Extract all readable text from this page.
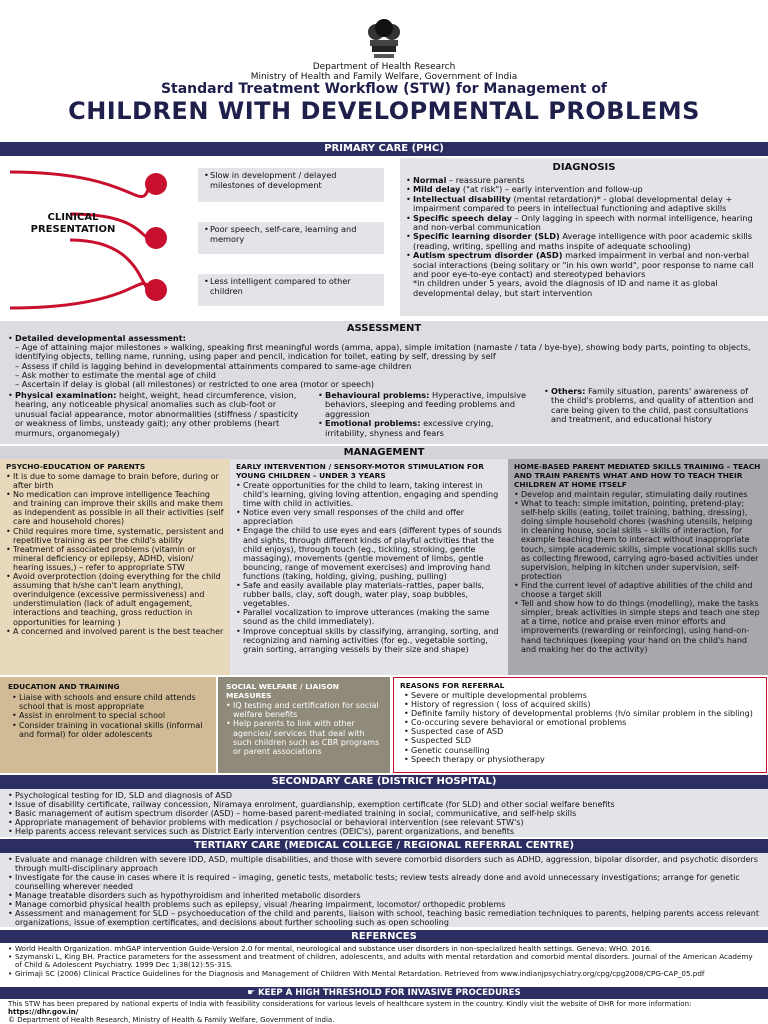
Department of Health Research
Ministry of Health and Family Welfare, Government of India
Standard Treatment Workflow (STW) for Management of
CHILDREN WITH DEVELOPMENTAL PROBLEMS
PRIMARY CARE (PHC)
CLINICAL
PRESENTATION
• Slow in development / delayed milestones of development
• Poor speech, self-care, learning and memory
• Less intelligent compared to other children
DIAGNOSIS
• Normal – reassure parents
• Mild delay ("at risk") – early intervention and follow-up
• Intellectual disability (mental retardation)* - global developmental delay + impairment compared to peers in intellectual functioning and adaptive skills
• Specific speech delay – Only lagging in speech with normal intelligence, hearing and non-verbal communication
• Specific learning disorder (SLD) Average intelligence with poor academic skills (reading, writing, spelling and maths inspite of adequate schooling)
• Autism spectrum disorder (ASD) marked impairment in verbal and non-verbal social interactions (being solitary or "in his own world", poor response to name call and poor eye-to-eye contact) and stereotyped behaviors
*in children under 5 years, avoid the diagnosis of ID and name it as global developmental delay, but start intervention
ASSESSMENT
• Detailed developmental assessment:
– Age of attaining major milestones » walking, speaking first meaningful words (amma, appa), simple imitation (namaste / tata / bye-bye), showing body parts, pointing to objects, identifying objects, telling name, running, using paper and pencil, indication for toilet, eating by self, dressing by self
– Assess if child is lagging behind in developmental attainments compared to same-age children
– Ask mother to estimate the mental age of child
– Ascertain if delay is global (all milestones) or restricted to one area (motor or speech)
• Physical examination: height, weight, head circumference, vision, hearing, any noticeable physical anomalies such as club-foot or unusual facial appearance, motor abnormalities (stiffness / spasticity or weakness of limbs, unsteady gait); any other problems (heart murmurs, organomegaly)
• Behavioural problems: Hyperactive, impulsive behaviors, sleeping and feeding problems and aggression
• Emotional problems: excessive crying, irritability, shyness and fears
• Others: Family situation, parents' awareness of the child's problems, and quality of attention and care being given to the child, past consultations and treatment, and educational history
MANAGEMENT
PSYCHO-EDUCATION OF PARENTS
• It is due to some damage to brain before, during or after birth
• No medication can improve intelligence Teaching and training can improve their skills and make them as independent as possible in all their activities (self care and household chores)
• Child requires more time, systematic, persistent and repetitive training as per the child's ability
• Treatment of associated problems (vitamin or mineral deficiency or epilepsy, ADHD, vision/ hearing issues,) – refer to appropriate STW
• Avoid overprotection (doing everything for the child assuming that h/she can't learn anything), overindulgence (excessive permissiveness) and understimulation (lack of adult engagement, interactions and teaching, gross reduction in opportunities for learning )
• A concerned and involved parent is the best teacher
EARLY INTERVENTION / SENSORY-MOTOR STIMULATION FOR YOUNG CHILDREN – UNDER 3 YEARS
• Create opportunities for the child to learn, taking interest in child's learning, giving loving attention, engaging and spending time with child in activities.
• Notice even very small responses of the child and offer appreciation
• Engage the child to use eyes and ears (different types of sounds and sights, through different kinds of playful activities that the child enjoys), through touch (eg., tickling, stroking, gentle massaging), movements (gentle movement of limbs, gentle bouncing, range of movement exercises) and improving hand functions (taking, holding, giving, pushing, pulling)
• Safe and easily available play materials–rattles, paper balls, rubber balls, clay, soft dough, water play, soap bubbles, vegetables.
• Parallel vocalization to improve utterances (making the same sound as the child immediately).
• Improve conceptual skills by classifying, arranging, sorting, and recognizing and naming activities (for eg., vegetable sorting, grain sorting, arranging vessels by their size and shape)
HOME-BASED PARENT MEDIATED SKILLS TRAINING – TEACH AND TRAIN PARENTS WHAT AND HOW TO TEACH THEIR CHILDREN AT HOME ITSELF
• Develop and maintain regular, stimulating daily routines
• What to teach: simple imitation, pointing, pretend-play; self-help skills (eating, toilet training, bathing, dressing), doing simple household chores (washing utensils, helping in cleaning house, social skills – skills of interaction, for example teaching them to interact without inappropriate touch, simple academic skills, simple vocational skills such as collecting firewood, carrying agro-based activities under supervision, helping in kitchen under supervision, self-protection
• Find the current level of adaptive abilities of the child and choose a target skill
• Tell and show how to do things (modelling), make the tasks simpler, break activities in simple steps and teach one step at a time, notice and praise even minor efforts and improvements (rewarding or reinforcing), using hand-on-hand techniques (keeping your hand on the child's hand and making her do the activity)
EDUCATION AND TRAINING
• Liaise with schools and ensure child attends school that is most appropriate
• Assist in enrolment to special school
• Consider training in vocational skills (informal and formal) for older adolescents
SOCIAL WELFARE / LIAISON MEASURES
• IQ testing and certification for social welfare benefits
• Help parents to link with other agencies/ services that deal with such children such as CBR programs or parent associations
REASONS FOR REFERRAL
• Severe or multiple developmental problems
• History of regression ( loss of acquired skills)
• Definite family history of developmental problems (h/o similar problem in the sibling)
• Co-occuring severe behavioral or emotional problems
• Suspected case of ASD
• Suspected SLD
• Genetic counselling
• Speech therapy or physiotherapy
SECONDARY CARE (DISTRICT HOSPITAL)
• Psychological testing for ID, SLD and diagnosis of ASD
• Issue of disability certificate, railway concession, Niramaya enrolment, guardianship, exemption certificate (for SLD) and other social welfare benefits
• Basic management of autism spectrum disorder (ASD) – home-based parent-mediated training in social, communicative, and self-help skills
• Appropriate management of behavior problems with medication / psychosocial or behavioral intervention (see relevant STW's)
• Help parents access relevant services such as District Early intervention centres (DEIC's), parent organizations, and benefits
TERTIARY CARE (MEDICAL COLLEGE / REGIONAL REFERRAL CENTRE)
• Evaluate and manage children with severe IDD, ASD, multiple disabilities, and those with severe comorbid disorders such as ADHD, aggression, bipolar disorder, and psychotic disorders through multi-disciplinary approach
• Investigate for the cause in cases where it is required – imaging, genetic tests, metabolic tests; review tests already done and avoid unnecessary investigations; arrange for genetic counselling wherever needed
• Manage treatable disorders such as hypothyroidism and inherited metabolic disorders
• Manage comorbid physical health problems such as epilepsy, visual /hearing impairment, locomotor/ orthopedic problems
• Assessment and management for SLD – psychoeducation of the child and parents, liaison with school, teaching basic remediation techniques to parents, helping parents access relevant organizations, issue of exemption certificates, and decisions about further schooling such as open schooling
REFERNCES
• World Health Organization. mhGAP intervention Guide-Version 2.0 for mental, neurological and substance user disorders in non-specialized health settings. Geneva: WHO. 2016.
• Szymanski L, King BH. Practice parameters for the assessment and treatment of children, adolescents, and adults with mental retardation and comorbid mental disorders. Journal of the American Academy of Child & Adolescent Psychiatry. 1999 Dec 1;38(12):5S-31S.
• Girimaji SC (2006) Clinical Practice Guidelines for the Diagnosis and Management of Children With Mental Retardation. Retrieved from www.indianjpsychiatry.org/cpg/cpg2008/CPG-CAP_05.pdf
☛ KEEP A HIGH THRESHOLD FOR INVASIVE PROCEDURES
This STW has been prepared by national experts of India with feasibility considerations for various levels of healthcare system in the country. Kindly visit the website of DHR for more information: https://dhr.gov.in/
© Department of Health Research, Ministry of Health & Family Welfare, Government of India.
